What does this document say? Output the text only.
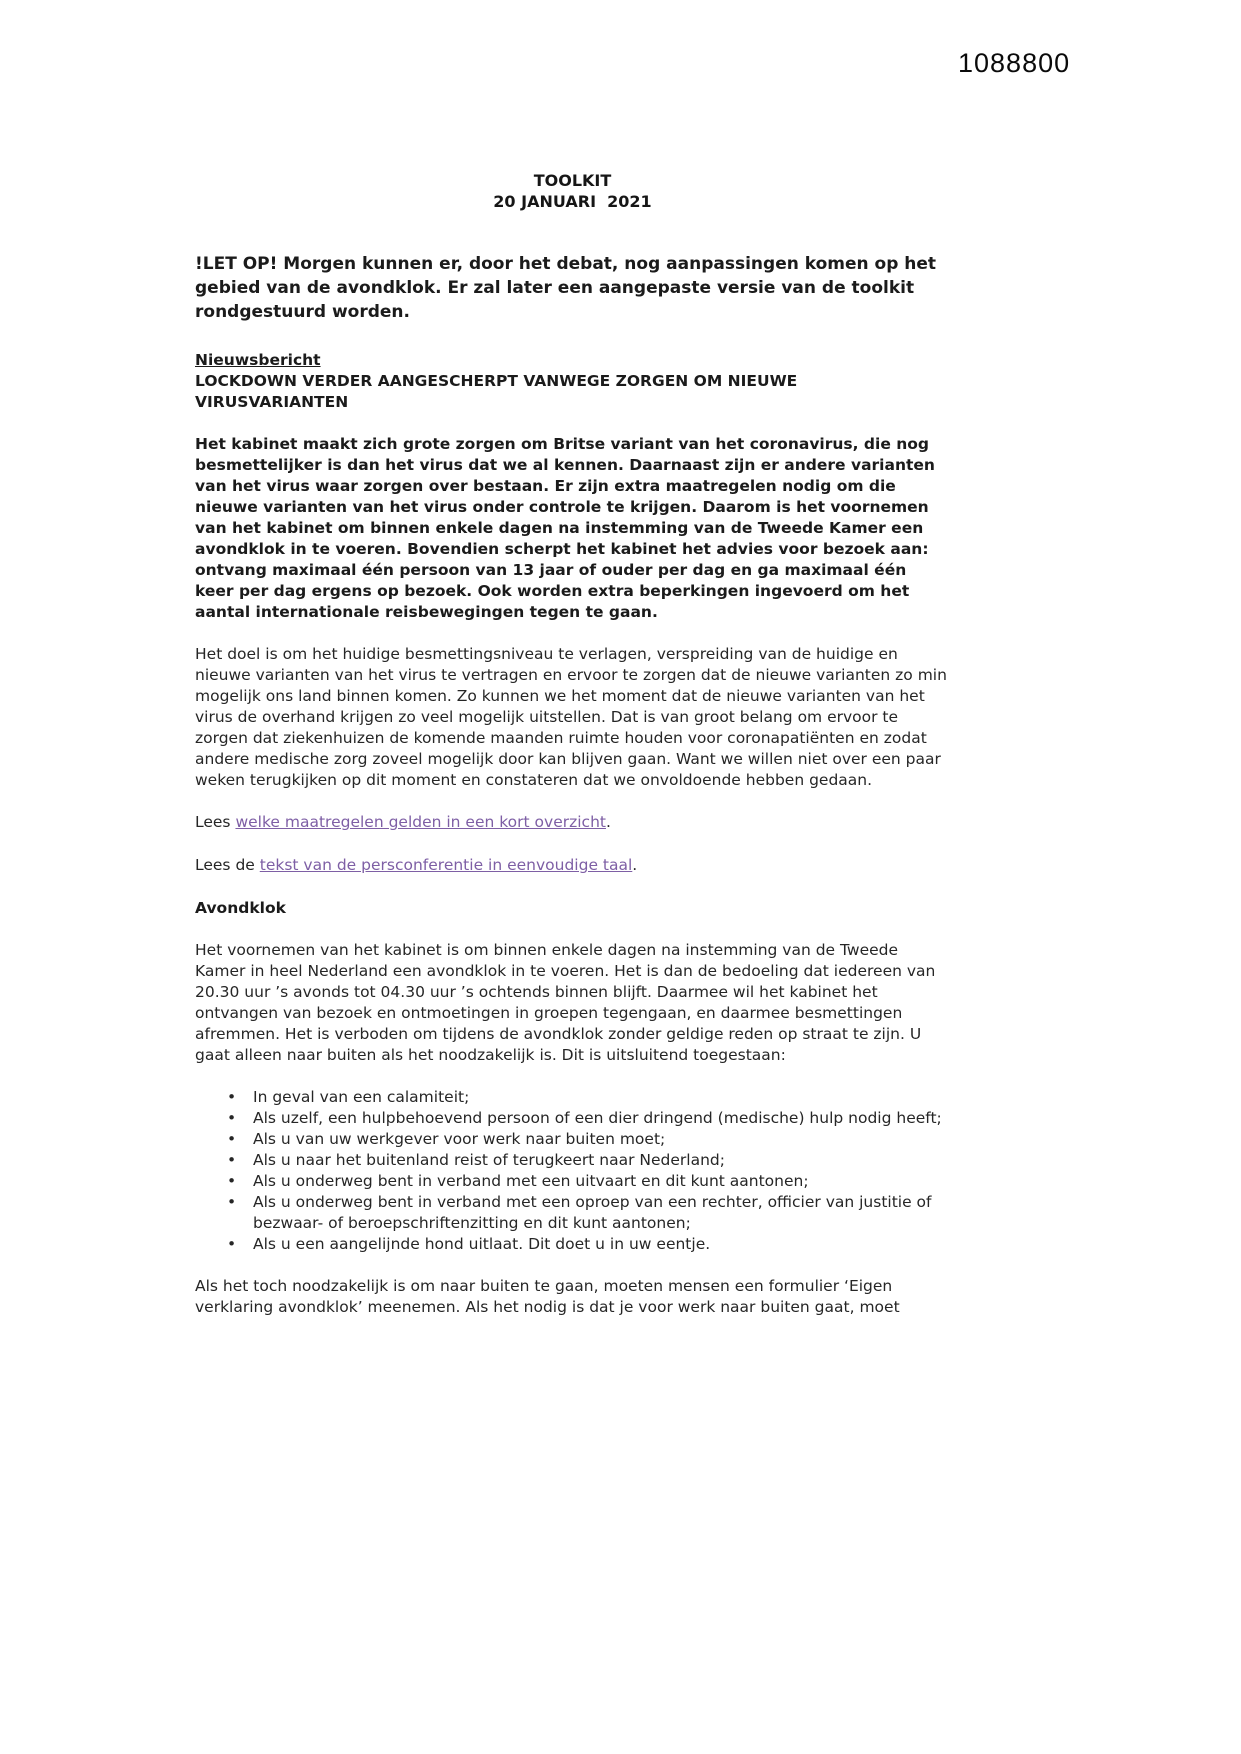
1088800
TOOLKIT
20 JANUARI  2021

!LET OP! Morgen kunnen er, door het debat, nog aanpassingen komen op het gebied van de avondklok. Er zal later een aangepaste versie van de toolkit rondgestuurd worden.

Nieuwsbericht
LOCKDOWN VERDER AANGESCHERPT VANWEGE ZORGEN OM NIEUWE VIRUSVARIANTEN

Het kabinet maakt zich grote zorgen om Britse variant van het coronavirus, die nog besmettelijker is dan het virus dat we al kennen. Daarnaast zijn er andere varianten van het virus waar zorgen over bestaan. Er zijn extra maatregelen nodig om die nieuwe varianten van het virus onder controle te krijgen. Daarom is het voornemen van het kabinet om binnen enkele dagen na instemming van de Tweede Kamer een avondklok in te voeren. Bovendien scherpt het kabinet het advies voor bezoek aan: ontvang maximaal één persoon van 13 jaar of ouder per dag en ga maximaal één keer per dag ergens op bezoek. Ook worden extra beperkingen ingevoerd om het aantal internationale reisbewegingen tegen te gaan.

Het doel is om het huidige besmettingsniveau te verlagen, verspreiding van de huidige en nieuwe varianten van het virus te vertragen en ervoor te zorgen dat de nieuwe varianten zo min mogelijk ons land binnen komen. Zo kunnen we het moment dat de nieuwe varianten van het virus de overhand krijgen zo veel mogelijk uitstellen. Dat is van groot belang om ervoor te zorgen dat ziekenhuizen de komende maanden ruimte houden voor coronapatiënten en zodat andere medische zorg zoveel mogelijk door kan blijven gaan. Want we willen niet over een paar weken terugkijken op dit moment en constateren dat we onvoldoende hebben gedaan.

Lees welke maatregelen gelden in een kort overzicht.

Lees de tekst van de persconferentie in eenvoudige taal.

Avondklok

Het voornemen van het kabinet is om binnen enkele dagen na instemming van de Tweede Kamer in heel Nederland een avondklok in te voeren. Het is dan de bedoeling dat iedereen van 20.30 uur ’s avonds tot 04.30 uur ’s ochtends binnen blijft. Daarmee wil het kabinet het ontvangen van bezoek en ontmoetingen in groepen tegengaan, en daarmee besmettingen afremmen. Het is verboden om tijdens de avondklok zonder geldige reden op straat te zijn. U gaat alleen naar buiten als het noodzakelijk is. Dit is uitsluitend toegestaan:

• In geval van een calamiteit;
• Als uzelf, een hulpbehoevend persoon of een dier dringend (medische) hulp nodig heeft;
• Als u van uw werkgever voor werk naar buiten moet;
• Als u naar het buitenland reist of terugkeert naar Nederland;
• Als u onderweg bent in verband met een uitvaart en dit kunt aantonen;
• Als u onderweg bent in verband met een oproep van een rechter, officier van justitie of bezwaar- of beroepschriftenzitting en dit kunt aantonen;
• Als u een aangelijnde hond uitlaat. Dit doet u in uw eentje.

Als het toch noodzakelijk is om naar buiten te gaan, moeten mensen een formulier ‘Eigen verklaring avondklok’ meenemen. Als het nodig is dat je voor werk naar buiten gaat, moet
